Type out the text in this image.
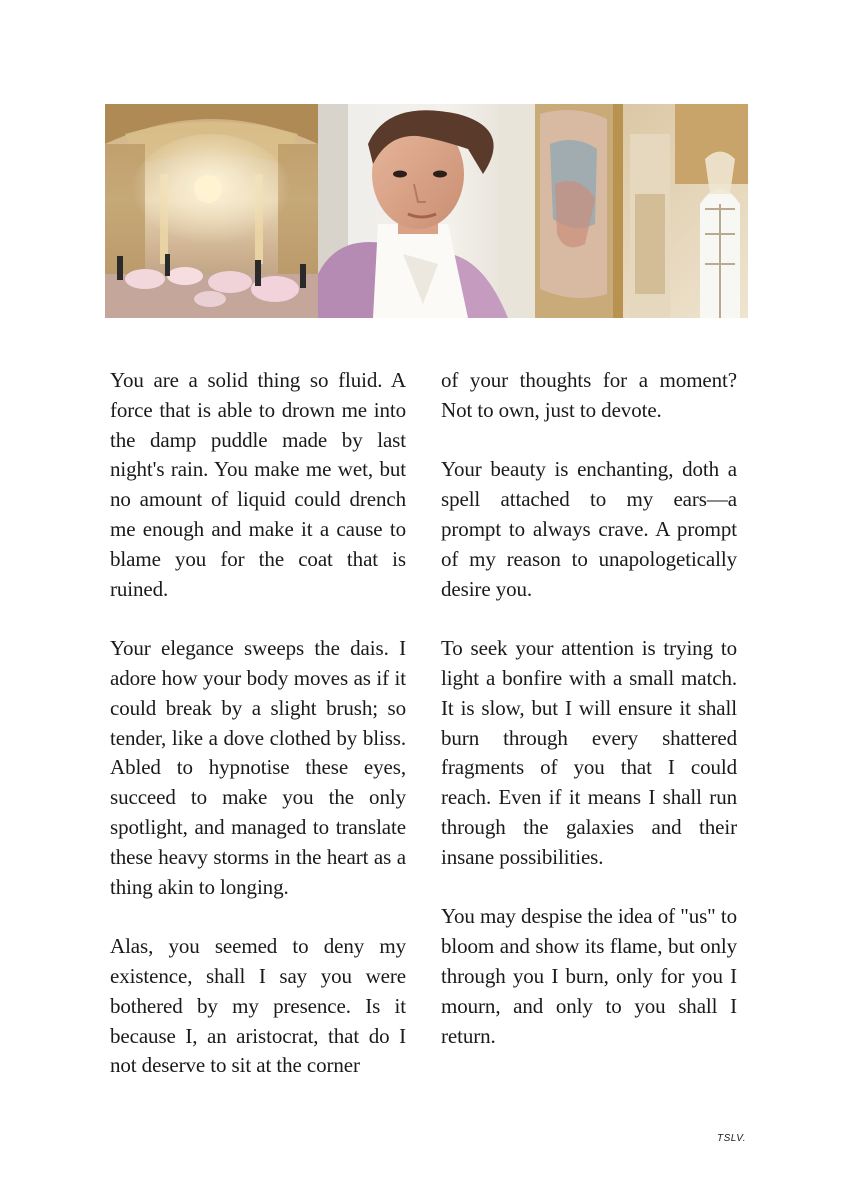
You are a solid thing so fluid. A force that is able to drown me into the damp puddle made by last night's rain. You make me wet, but no amount of liquid could drench me enough and make it a cause to blame you for the coat that is ruined.

Your elegance sweeps the dais. I adore how your body moves as if it could break by a slight brush; so tender, like a dove clothed by bliss. Abled to hypnotise these eyes, succeed to make you the only spotlight, and managed to translate these heavy storms in the heart as a thing akin to longing.

Alas, you seemed to deny my existence, shall I say you were bothered by my presence. Is it because I, an aristocrat, that do I not deserve to sit at the corner

of your thoughts for a moment? Not to own, just to devote.

Your beauty is enchanting, doth a spell attached to my ears—a prompt to always crave. A prompt of my reason to unapologetically desire you.

To seek your attention is trying to light a bonfire with a small match. It is slow, but I will ensure it shall burn through every shattered fragments of you that I could reach. Even if it means I shall run through the galaxies and their insane possibilities.

You may despise the idea of "us" to bloom and show its flame, but only through you I burn, only for you I mourn, and only to you shall I return.

TSLV.
